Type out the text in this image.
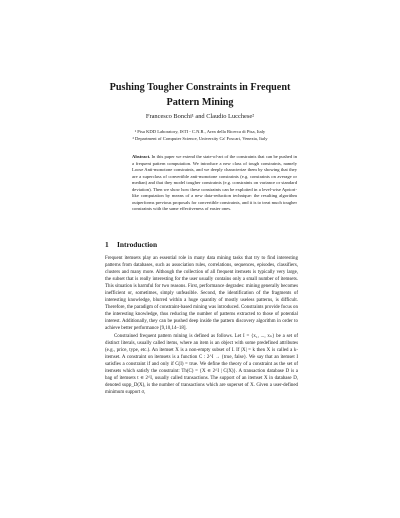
Pushing Tougher Constraints in Frequent
Pattern Mining
Francesco Bonchi¹ and Claudio Lucchese²
¹ Pisa KDD Laboratory, ISTI - C.N.R., Area della Ricerca di Pisa, Italy
² Department of Computer Science, University Ca' Foscari, Venezia, Italy
Abstract. In this paper we extend the state-of-art of the constraints that can be pushed in a frequent pattern computation. We introduce a new class of tough constraints, namely Loose Anti-monotone constraints, and we deeply characterize them by showing that they are a superclass of convertible anti-monotone constraints (e.g. constraints on average or median) and that they model tougher constraints (e.g. constraints on variance or standard deviation). Then we show how these constraints can be exploited in a level-wise Apriori-like computation by means of a new data-reduction technique: the resulting algorithm outperforms previous proposals for convertible constraints, and it is to treat much tougher constraints with the same effectiveness of easier ones.
1 Introduction

Frequent itemsets play an essential role in many data mining tasks that try to find interesting patterns from databases, such as association rules, correlations, sequences, episodes, classifiers, clusters and many more. Although the collection of all frequent itemsets is typically very large, the subset that is really interesting for the user usually contains only a small number of itemsets. This situation is harmful for two reasons. First, performance degrades: mining generally becomes inefficient or, sometimes, simply unfeasible. Second, the identification of the fragments of interesting knowledge, blurred within a huge quantity of mostly useless patterns, is difficult. Therefore, the paradigm of constraint-based mining was introduced. Constraints provide focus on the interesting knowledge, thus reducing the number of patterns extracted to those of potential interest. Additionally, they can be pushed deep inside the pattern discovery algorithm in order to achieve better performance [9,10,14–18].

Constrained frequent pattern mining is defined as follows. Let I = {x₁, ..., xₙ} be a set of distinct literals, usually called items, where an item is an object with some predefined attributes (e.g., price, type, etc.). An itemset X is a non-empty subset of I. If |X| = k then X is called a k-itemset. A constraint on itemsets is a function C : 2^I → {true, false}. We say that an itemset I satisfies a constraint if and only if C(I) = true. We define the theory of a constraint as the set of itemsets which satisfy the constraint: Th(C) = {X ∈ 2^I | C(X)}. A transaction database D is a bag of itemsets t ∈ 2^I, usually called transactions. The support of an itemset X in database D, denoted supp_D(X), is the number of transactions which are superset of X. Given a user-defined minimum support σ,
